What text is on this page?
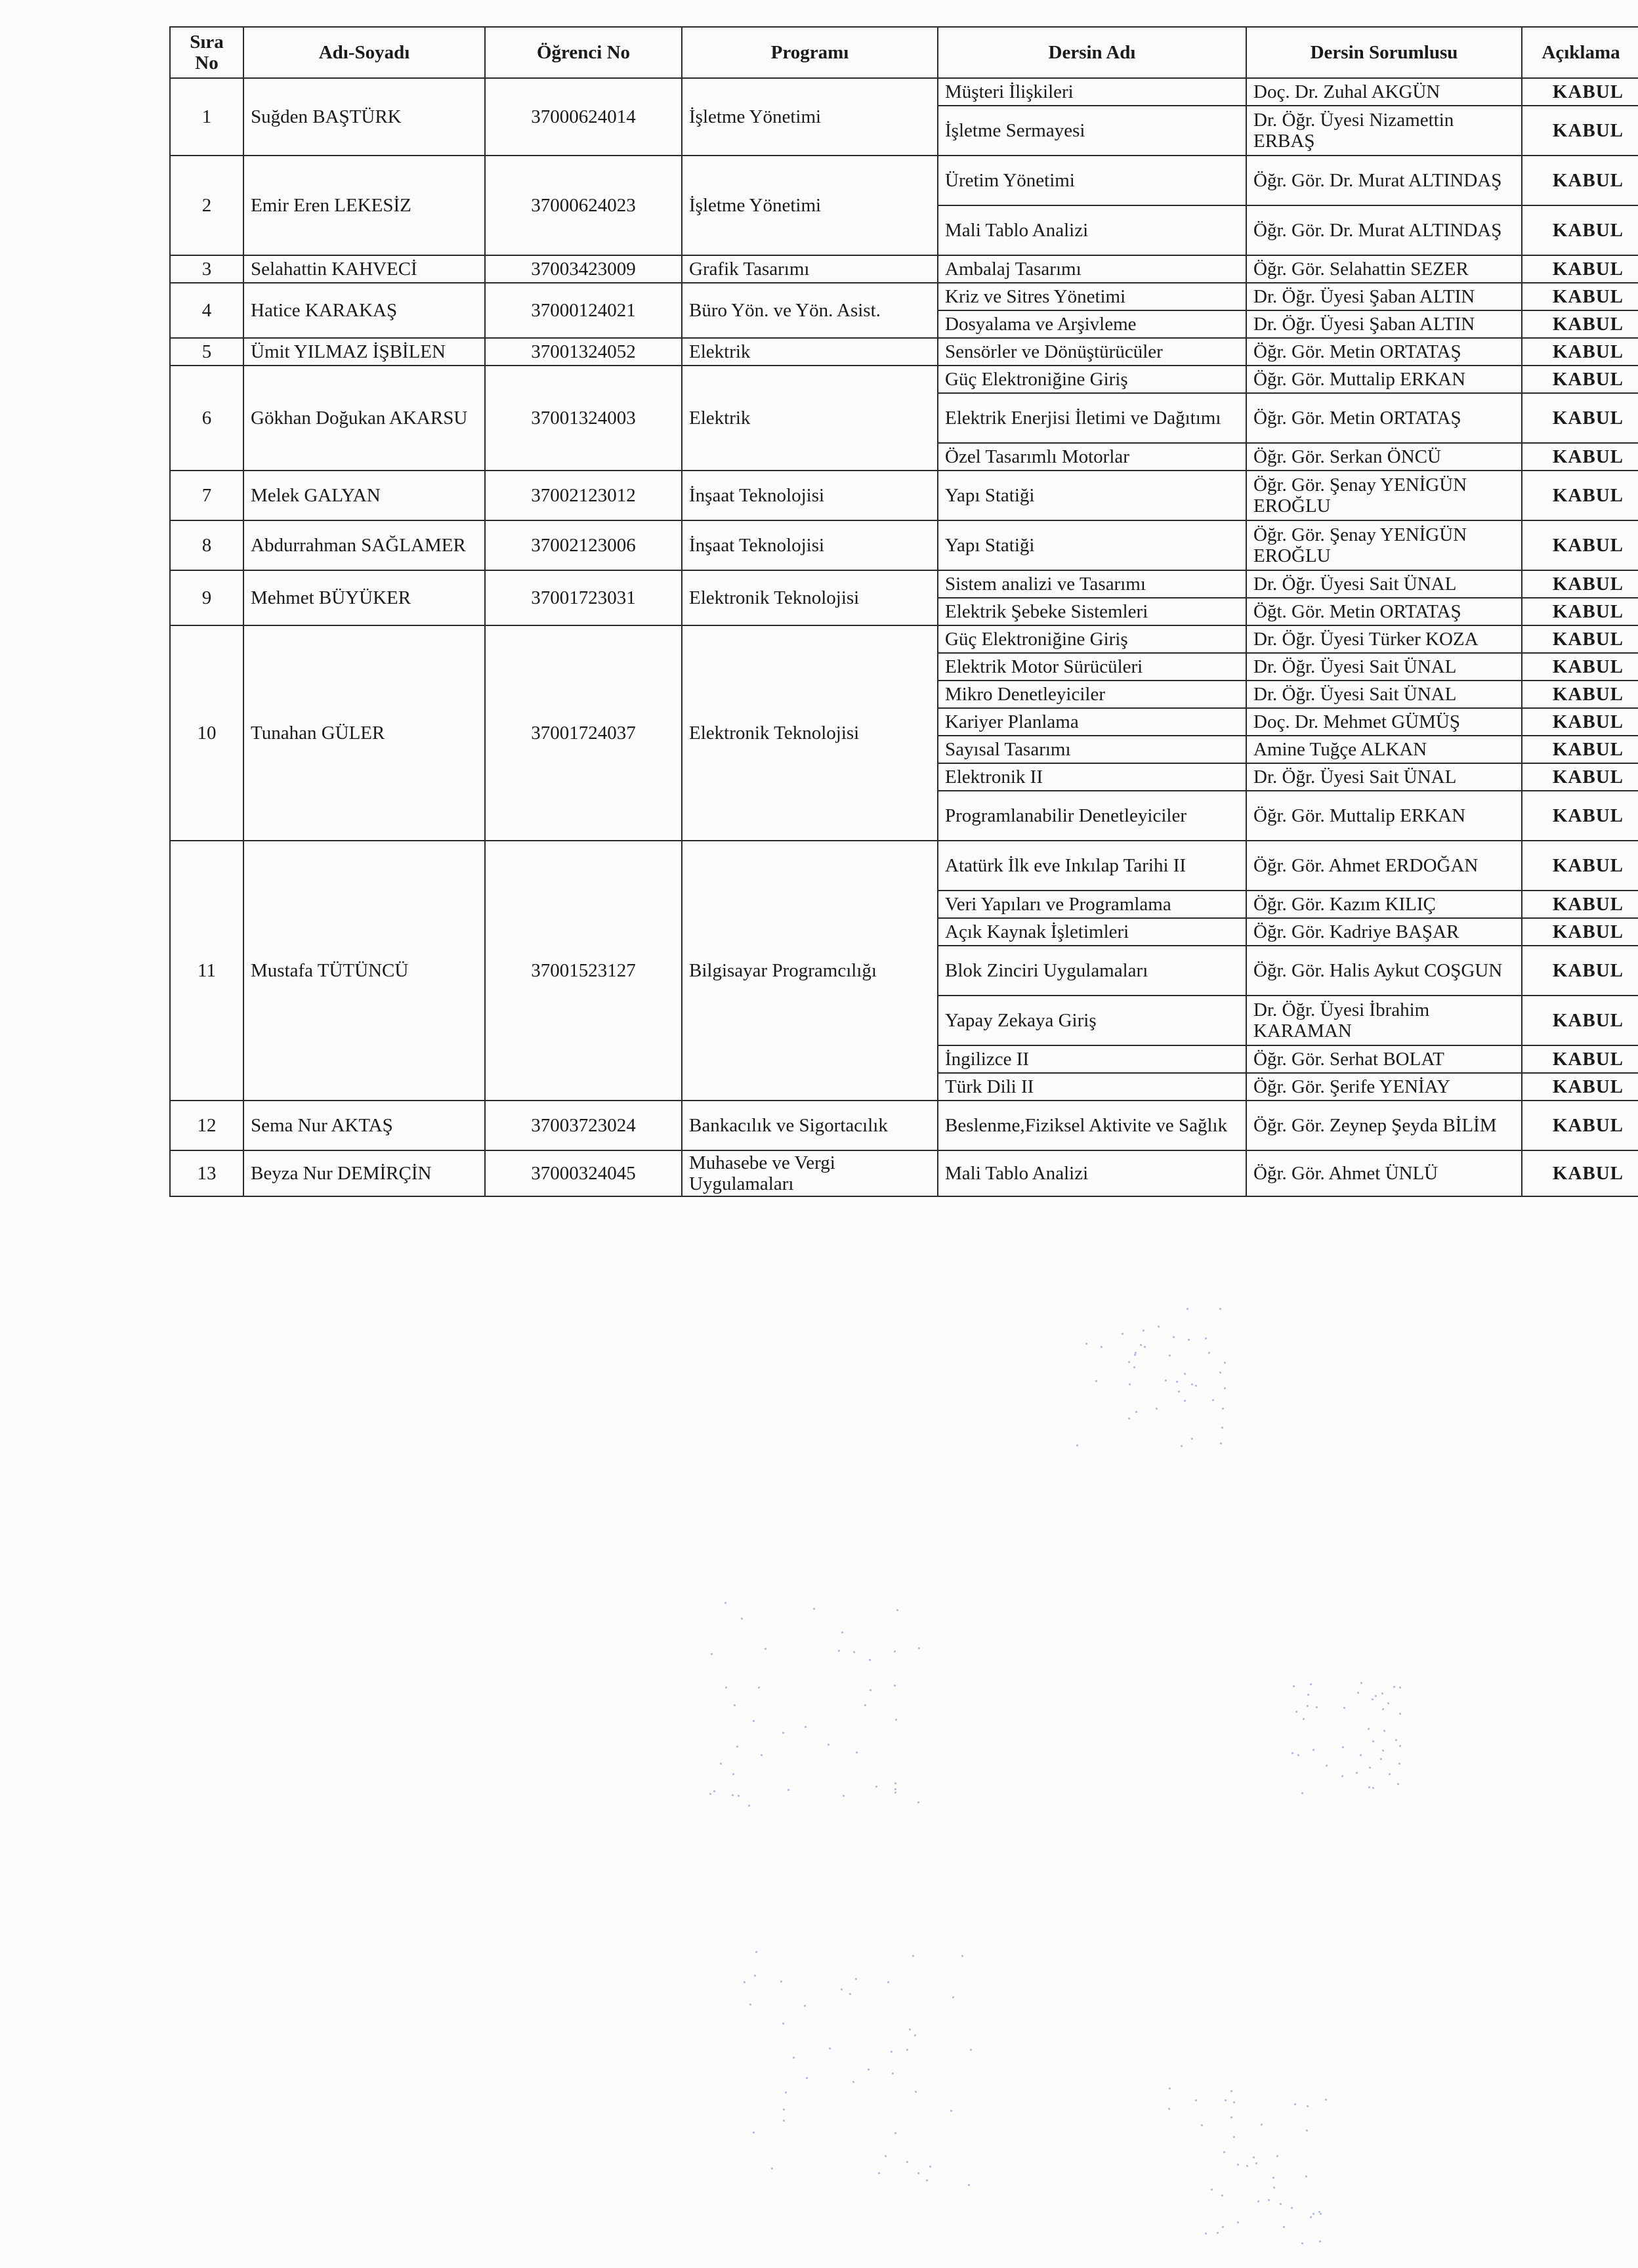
Sıra No	Adı-Soyadı	Öğrenci No	Programı	Dersin Adı	Dersin Sorumlusu	Açıklama
1	Suğden BAŞTÜRK	37000624014	İşletme Yönetimi	Müşteri İlişkileri	Doç. Dr. Zuhal AKGÜN	KABUL
				İşletme Sermayesi	Dr. Öğr. Üyesi Nizamettin ERBAŞ	KABUL
2	Emir Eren LEKESİZ	37000624023	İşletme Yönetimi	Üretim Yönetimi	Öğr. Gör. Dr. Murat ALTINDAŞ	KABUL
				Mali Tablo Analizi	Öğr. Gör. Dr. Murat ALTINDAŞ	KABUL
3	Selahattin KAHVECİ	37003423009	Grafik Tasarımı	Ambalaj Tasarımı	Öğr. Gör. Selahattin SEZER	KABUL
4	Hatice KARAKAŞ	37000124021	Büro Yön. ve Yön. Asist.	Kriz ve Sitres Yönetimi	Dr. Öğr. Üyesi Şaban ALTIN	KABUL
				Dosyalama ve Arşivleme	Dr. Öğr. Üyesi Şaban ALTIN	KABUL
5	Ümit YILMAZ İŞBİLEN	37001324052	Elektrik	Sensörler ve Dönüştürücüler	Öğr. Gör. Metin ORTATAŞ	KABUL
6	Gökhan Doğukan AKARSU	37001324003	Elektrik	Güç Elektroniğine Giriş	Öğr. Gör. Muttalip ERKAN	KABUL
				Elektrik Enerjisi İletimi ve Dağıtımı	Öğr. Gör. Metin ORTATAŞ	KABUL
				Özel Tasarımlı Motorlar	Öğr. Gör. Serkan ÖNCÜ	KABUL
7	Melek GALYAN	37002123012	İnşaat Teknolojisi	Yapı Statiği	Öğr. Gör. Şenay YENİGÜN EROĞLU	KABUL
8	Abdurrahman SAĞLAMER	37002123006	İnşaat Teknolojisi	Yapı Statiği	Öğr. Gör. Şenay YENİGÜN EROĞLU	KABUL
9	Mehmet BÜYÜKER	37001723031	Elektronik Teknolojisi	Sistem analizi ve Tasarımı	Dr. Öğr. Üyesi Sait ÜNAL	KABUL
				Elektrik Şebeke Sistemleri	Öğt. Gör. Metin ORTATAŞ	KABUL
10	Tunahan GÜLER	37001724037	Elektronik Teknolojisi	Güç Elektroniğine Giriş	Dr. Öğr. Üyesi Türker KOZA	KABUL
				Elektrik Motor Sürücüleri	Dr. Öğr. Üyesi Sait ÜNAL	KABUL
				Mikro Denetleyiciler	Dr. Öğr. Üyesi Sait ÜNAL	KABUL
				Kariyer Planlama	Doç. Dr. Mehmet GÜMÜŞ	KABUL
				Sayısal Tasarımı	Amine Tuğçe ALKAN	KABUL
				Elektronik II	Dr. Öğr. Üyesi Sait ÜNAL	KABUL
				Programlanabilir Denetleyiciler	Öğr. Gör. Muttalip ERKAN	KABUL
11	Mustafa TÜTÜNCÜ	37001523127	Bilgisayar Programcılığı	Atatürk İlk eve Inkılap Tarihi II	Öğr. Gör. Ahmet ERDOĞAN	KABUL
				Veri Yapıları ve Programlama	Öğr. Gör. Kazım KILIÇ	KABUL
				Açık Kaynak İşletimleri	Öğr. Gör. Kadriye BAŞAR	KABUL
				Blok Zinciri Uygulamaları	Öğr. Gör. Halis Aykut COŞGUN	KABUL
				Yapay Zekaya Giriş	Dr. Öğr. Üyesi İbrahim KARAMAN	KABUL
				İngilizce II	Öğr. Gör. Serhat BOLAT	KABUL
				Türk Dili II	Öğr. Gör. Şerife YENİAY	KABUL
12	Sema Nur AKTAŞ	37003723024	Bankacılık ve Sigortacılık	Beslenme,Fiziksel Aktivite ve Sağlık	Öğr. Gör. Zeynep Şeyda BİLİM	KABUL
13	Beyza Nur DEMİRÇİN	37000324045	Muhasebe ve Vergi Uygulamaları	Mali Tablo Analizi	Öğr. Gör. Ahmet ÜNLÜ	KABUL
